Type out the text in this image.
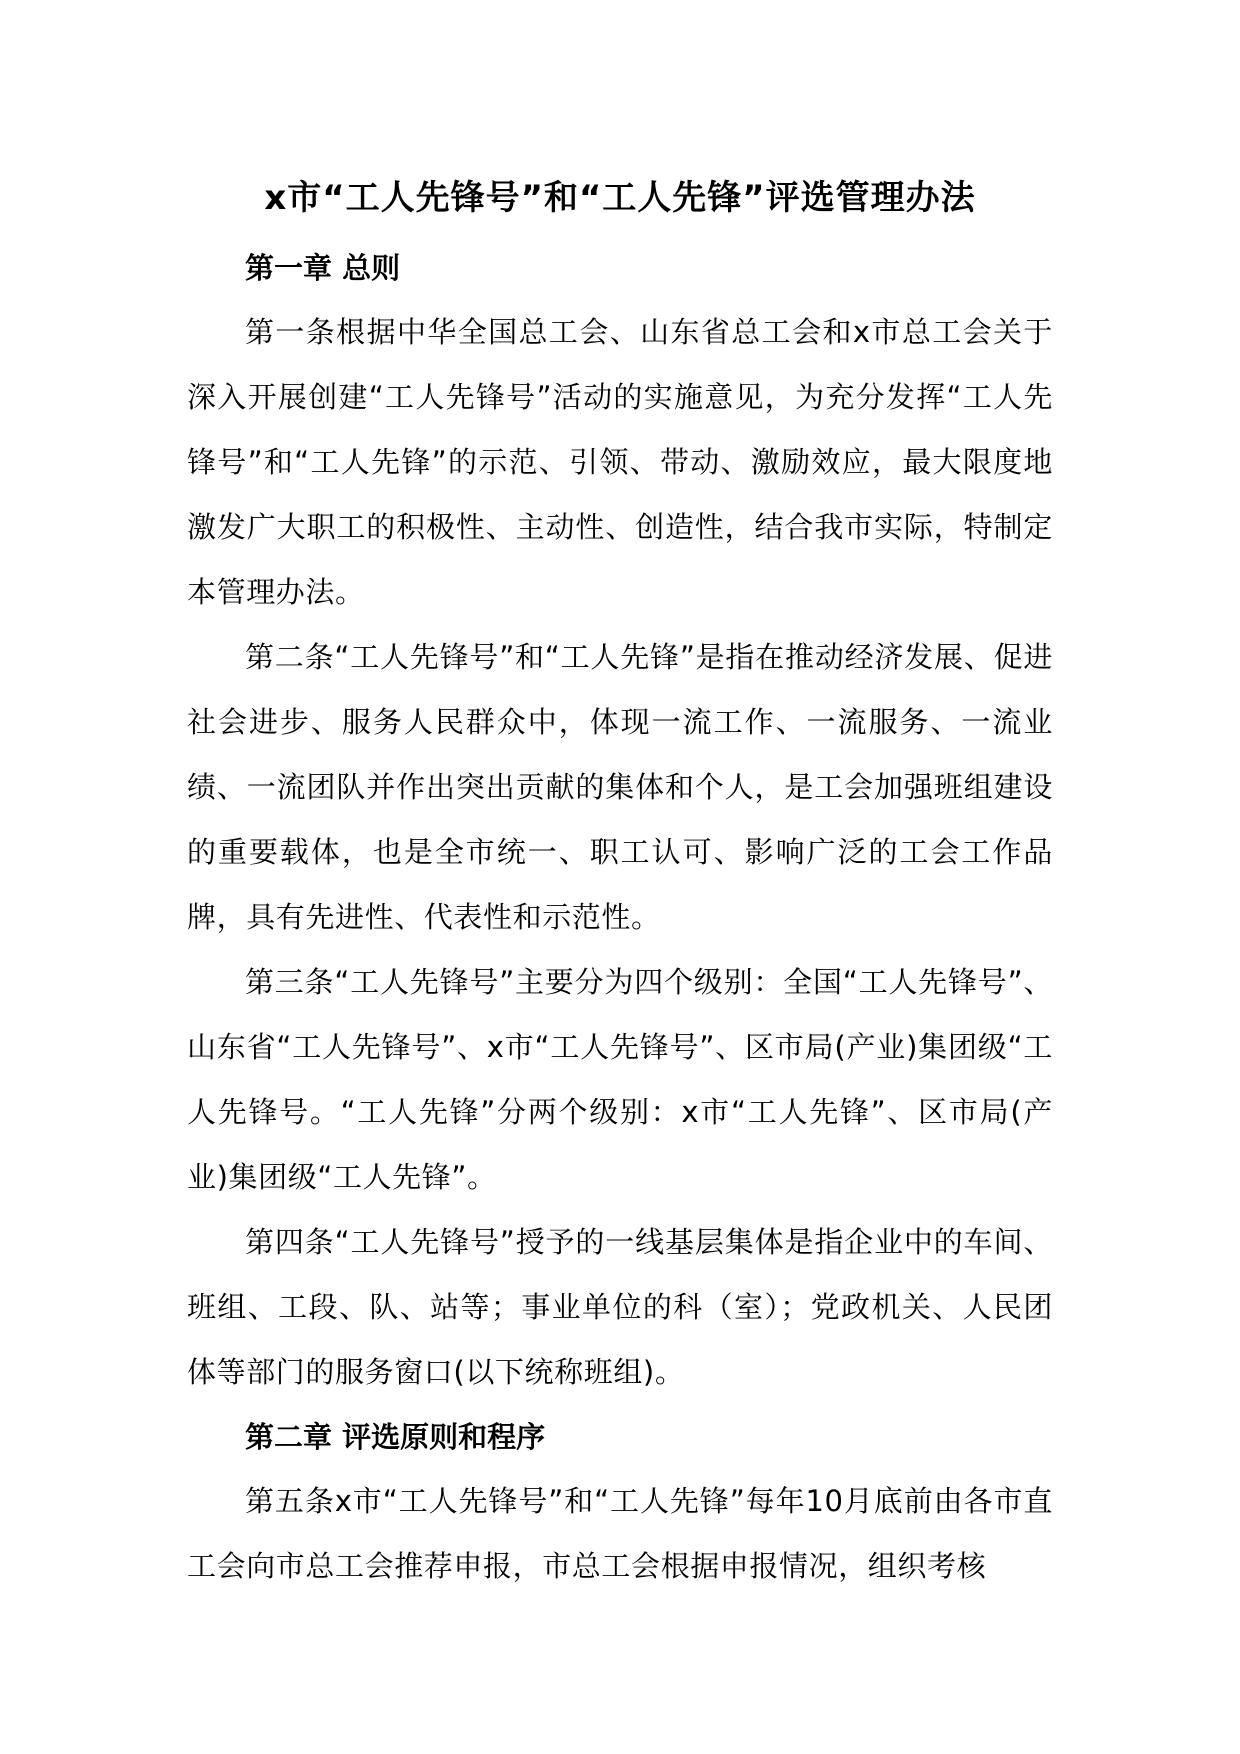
x市“工人先锋号”和“工人先锋”评选管理办法

第一章 总则

第一条根据中华全国总工会、山东省总工会和x市总工会关于深入开展创建“工人先锋号”活动的实施意见，为充分发挥“工人先锋号”和“工人先锋”的示范、引领、带动、激励效应，最大限度地激发广大职工的积极性、主动性、创造性，结合我市实际，特制定本管理办法。

第二条“工人先锋号”和“工人先锋”是指在推动经济发展、促进社会进步、服务人民群众中，体现一流工作、一流服务、一流业绩、一流团队并作出突出贡献的集体和个人，是工会加强班组建设的重要载体，也是全市统一、职工认可、影响广泛的工会工作品牌，具有先进性、代表性和示范性。

第三条“工人先锋号”主要分为四个级别：全国“工人先锋号”、山东省“工人先锋号”、x市“工人先锋号”、区市局(产业)集团级“工人先锋号。“工人先锋”分两个级别：x市“工人先锋”、区市局(产业)集团级“工人先锋”。

第四条“工人先锋号”授予的一线基层集体是指企业中的车间、班组、工段、队、站等；事业单位的科（室）；党政机关、人民团体等部门的服务窗口(以下统称班组)。

第二章 评选原则和程序

第五条x市“工人先锋号”和“工人先锋”每年10月底前由各市直工会向市总工会推荐申报，市总工会根据申报情况，组织考核
